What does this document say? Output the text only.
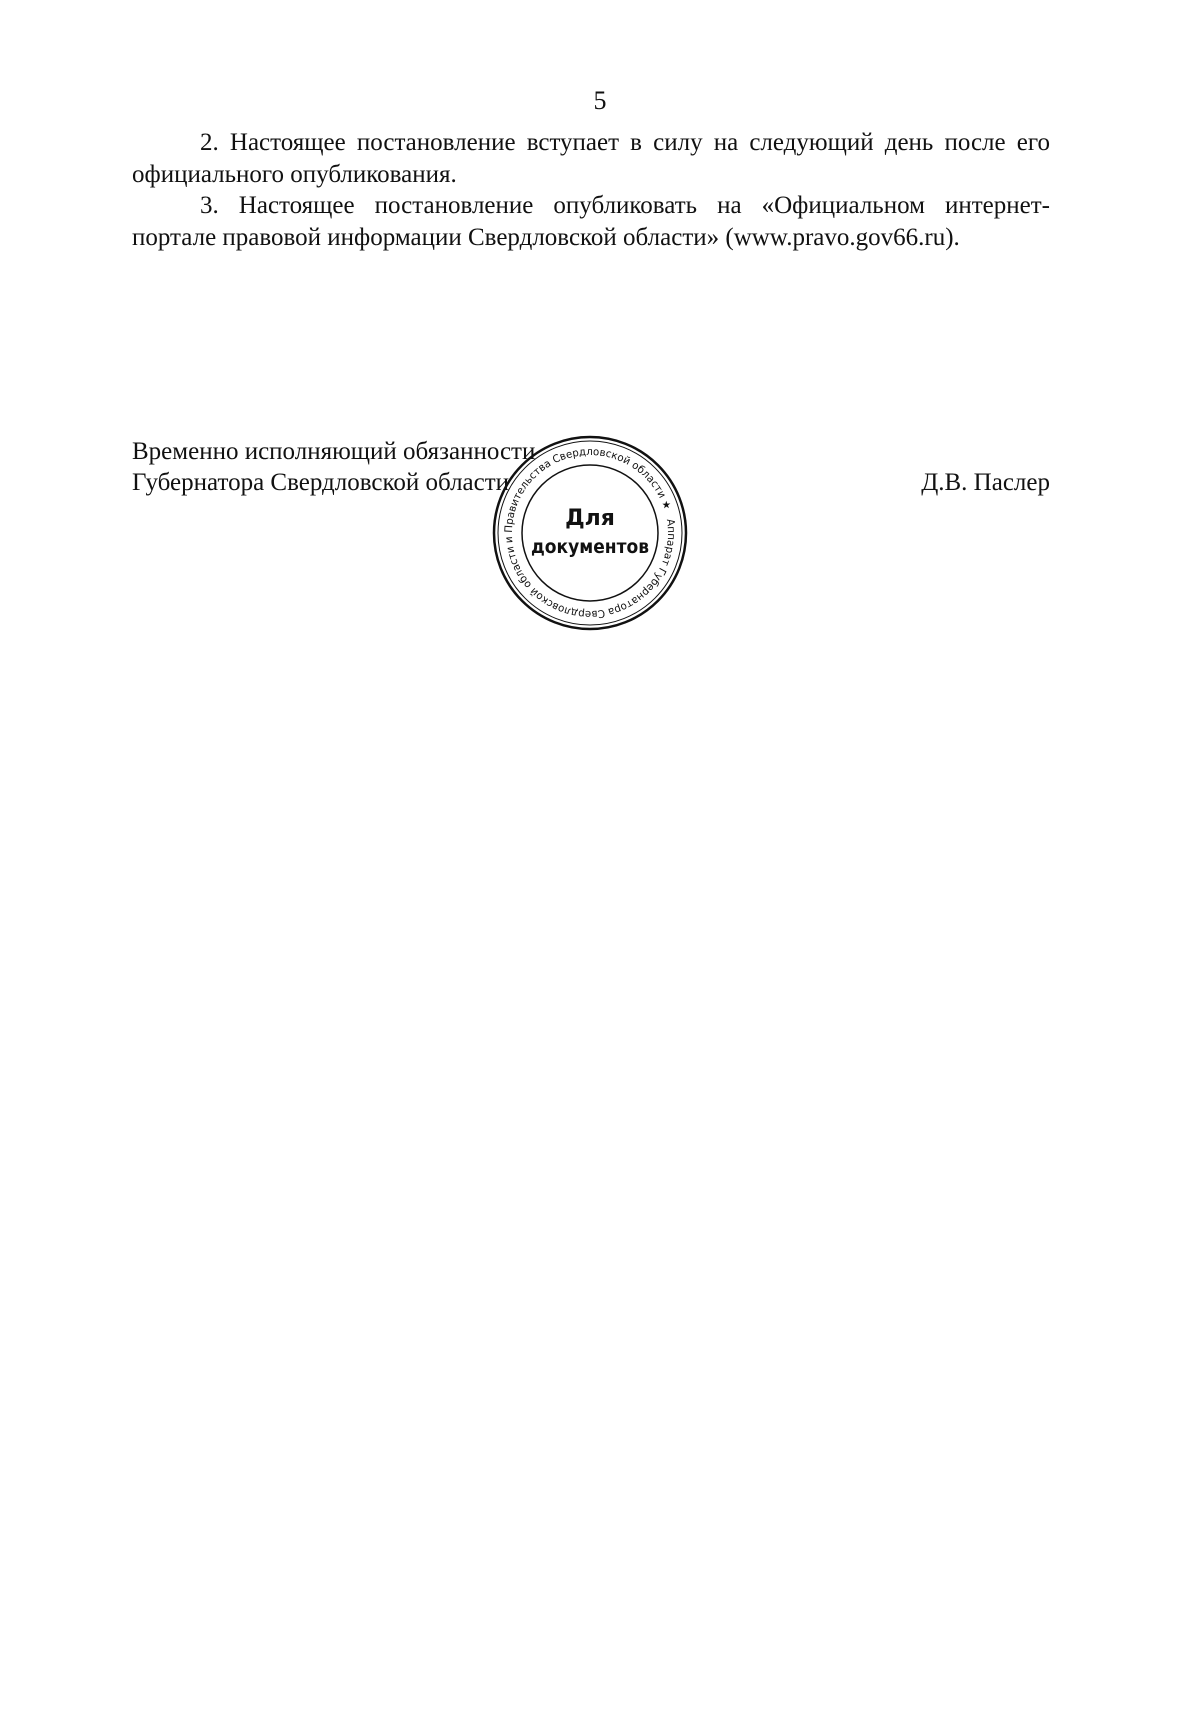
5
2. Настоящее постановление вступает в силу на следующий день после его
официального опубликования.
3. Настоящее постановление опубликовать на «Официальном интернет-
портале правовой информации Свердловской области» (www.pravo.gov66.ru).
Временно исполняющий обязанности
Губернатора Свердловской области	Д.В. Паслер
Аппарат Губернатора Свердловской области и Правительства Свердловской области ★
Для
документов
